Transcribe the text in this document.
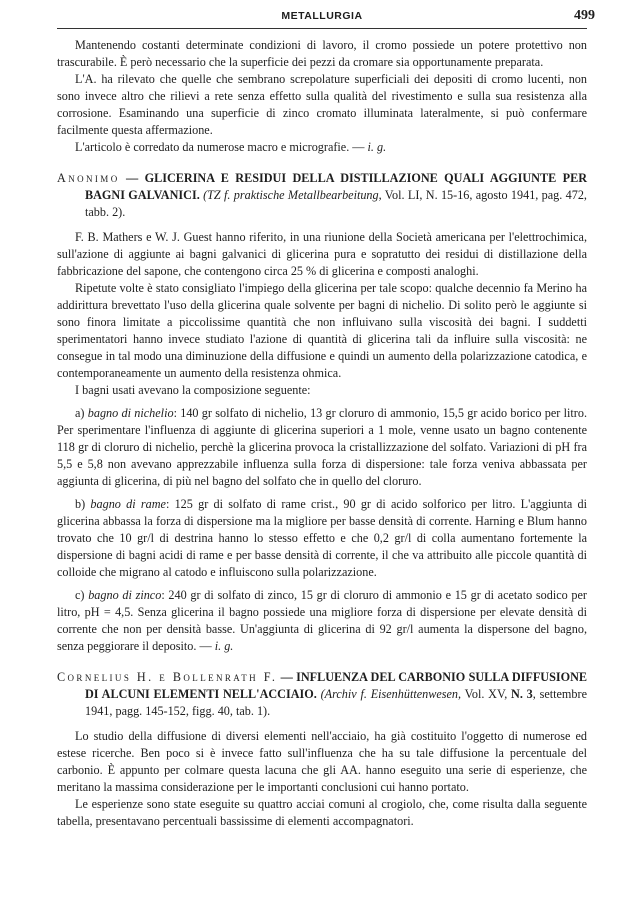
METALLURGIA	499

Mantenendo costanti determinate condizioni di lavoro, il cromo possiede un potere protettivo non trascurabile. È però necessario che la superficie dei pezzi da cromare sia opportunamente preparata.

L'A. ha rilevato che quelle che sembrano screpolature superficiali dei depositi di cromo lucenti, non sono invece altro che rilievi a rete senza effetto sulla qualità del rivestimento e sulla sua resistenza alla corrosione. Esaminando una superficie di zinco cromato illuminata lateralmente, si può confermare facilmente questa affermazione.

L'articolo è corredato da numerose macro e micrografie. — i. g.

Anonimo — GLICERINA E RESIDUI DELLA DISTILLAZIONE QUALI AGGIUNTE PER BAGNI GALVANICI. (TZ f. praktische Metallbearbeitung, Vol. LI, N. 15-16, agosto 1941, pag. 472, tabb. 2).

F. B. Mathers e W. J. Guest hanno riferito, in una riunione della Società americana per l'elettrochimica, sull'azione di aggiunte ai bagni galvanici di glicerina pura e sopratutto dei residui di distillazione della fabbricazione del sapone, che contengono circa 25 % di glicerina e composti analoghi.

Ripetute volte è stato consigliato l'impiego della glicerina per tale scopo: qualche decennio fa Merino ha addirittura brevettato l'uso della glicerina quale solvente per bagni di nichelio. Di solito però le aggiunte si sono finora limitate a piccolissime quantità che non influivano sulla viscosità dei bagni. I suddetti sperimentatori hanno invece studiato l'azione di quantità di glicerina tali da influire sulla viscosità: ne consegue in tal modo una diminuzione della diffusione e quindi un aumento della polarizzazione catodica, e contemporaneamente un aumento della resistenza ohmica.

I bagni usati avevano la composizione seguente:

a) bagno di nichelio: 140 gr solfato di nichelio, 13 gr cloruro di ammonio, 15,5 gr acido borico per litro. Per sperimentare l'influenza di aggiunte di glicerina superiori a 1 mole, venne usato un bagno contenente 118 gr di cloruro di nichelio, perchè la glicerina provoca la cristallizzazione del solfato. Variazioni di pH fra 5,5 e 5,8 non avevano apprezzabile influenza sulla forza di dispersione: tale forza veniva abbassata per aggiunta di glicerina, di più nel bagno del solfato che in quello del cloruro.

b) bagno di rame: 125 gr di solfato di rame crist., 90 gr di acido solforico per litro. L'aggiunta di glicerina abbassa la forza di dispersione ma la migliore per basse densità di corrente. Harning e Blum hanno trovato che 10 gr/l di destrina hanno lo stesso effetto e che 0,2 gr/l di colla aumentano fortemente la dispersione di bagni acidi di rame e per basse densità di corrente, il che va attribuito alle piccole quantità di colloide che migrano al catodo e influiscono sulla polarizzazione.

c) bagno di zinco: 240 gr di solfato di zinco, 15 gr di cloruro di ammonio e 15 gr di acetato sodico per litro, pH = 4,5. Senza glicerina il bagno possiede una migliore forza di dispersione per elevate densità di corrente che non per densità basse. Un'aggiunta di glicerina di 92 gr/l aumenta la dispersone del bagno, senza peggiorare il deposito. — i. g.

Cornelius H. e Bollenrath F. — INFLUENZA DEL CARBONIO SULLA DIFFUSIONE DI ALCUNI ELEMENTI NELL'ACCIAIO. (Archiv f. Eisenhüttenwesen, Vol. XV, N. 3, settembre 1941, pagg. 145-152, figg. 40, tab. 1).

Lo studio della diffusione di diversi elementi nell'acciaio, ha già costituito l'oggetto di numerose ed estese ricerche. Ben poco si è invece fatto sull'influenza che ha su tale diffusione la percentuale del carbonio. È appunto per colmare questa lacuna che gli AA. hanno eseguito una serie di esperienze, che meritano la massima considerazione per le importanti conclusioni cui hanno portato.

Le esperienze sono state eseguite su quattro acciai comuni al crogiolo, che, come risulta dalla seguente tabella, presentavano percentuali bassissime di elementi accompagnatori.
